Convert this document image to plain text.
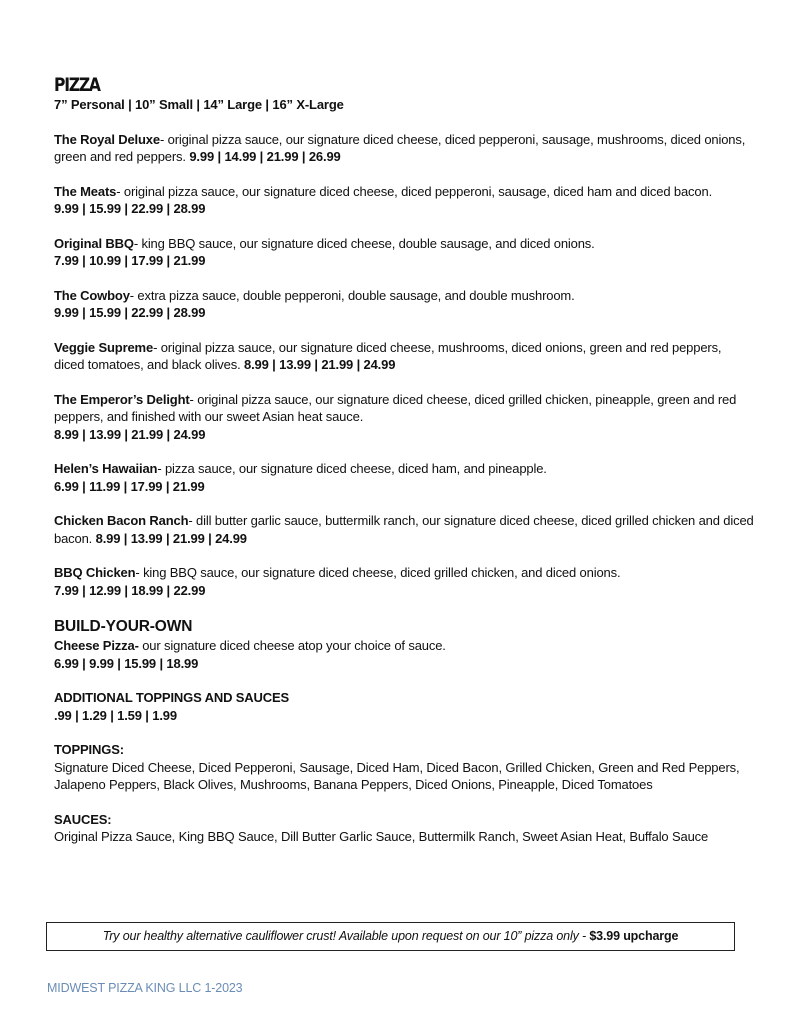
PIZZA
7” Personal | 10” Small | 14” Large | 16” X-Large
The Royal Deluxe- original pizza sauce, our signature diced cheese, diced pepperoni, sausage, mushrooms, diced onions, green and red peppers. 9.99 | 14.99 | 21.99 | 26.99
The Meats- original pizza sauce, our signature diced cheese, diced pepperoni, sausage, diced ham and diced bacon.
9.99 | 15.99 | 22.99 | 28.99
Original BBQ- king BBQ sauce, our signature diced cheese, double sausage, and diced onions.
7.99 | 10.99 | 17.99 | 21.99
The Cowboy- extra pizza sauce, double pepperoni, double sausage, and double mushroom.
9.99 | 15.99 | 22.99 | 28.99
Veggie Supreme- original pizza sauce, our signature diced cheese, mushrooms, diced onions, green and red peppers, diced tomatoes, and black olives. 8.99 | 13.99 | 21.99 | 24.99
The Emperor’s Delight- original pizza sauce, our signature diced cheese, diced grilled chicken, pineapple, green and red peppers, and finished with our sweet Asian heat sauce.
8.99 | 13.99 | 21.99 | 24.99
Helen’s Hawaiian- pizza sauce, our signature diced cheese, diced ham, and pineapple.
6.99 | 11.99 | 17.99 | 21.99
Chicken Bacon Ranch- dill butter garlic sauce, buttermilk ranch, our signature diced cheese, diced grilled chicken and diced bacon. 8.99 | 13.99 | 21.99 | 24.99
BBQ Chicken- king BBQ sauce, our signature diced cheese, diced grilled chicken, and diced onions.
7.99 | 12.99 | 18.99 | 22.99
BUILD-YOUR-OWN
Cheese Pizza- our signature diced cheese atop your choice of sauce.
6.99 | 9.99 | 15.99 | 18.99
ADDITIONAL TOPPINGS AND SAUCES
.99 | 1.29 | 1.59 | 1.99
TOPPINGS:
Signature Diced Cheese, Diced Pepperoni, Sausage, Diced Ham, Diced Bacon, Grilled Chicken, Green and Red Peppers, Jalapeno Peppers, Black Olives, Mushrooms, Banana Peppers, Diced Onions, Pineapple, Diced Tomatoes
SAUCES:
Original Pizza Sauce, King BBQ Sauce, Dill Butter Garlic Sauce, Buttermilk Ranch, Sweet Asian Heat, Buffalo Sauce
Try our healthy alternative cauliflower crust! Available upon request on our 10” pizza only - $3.99 upcharge
MIDWEST PIZZA KING LLC 1-2023
